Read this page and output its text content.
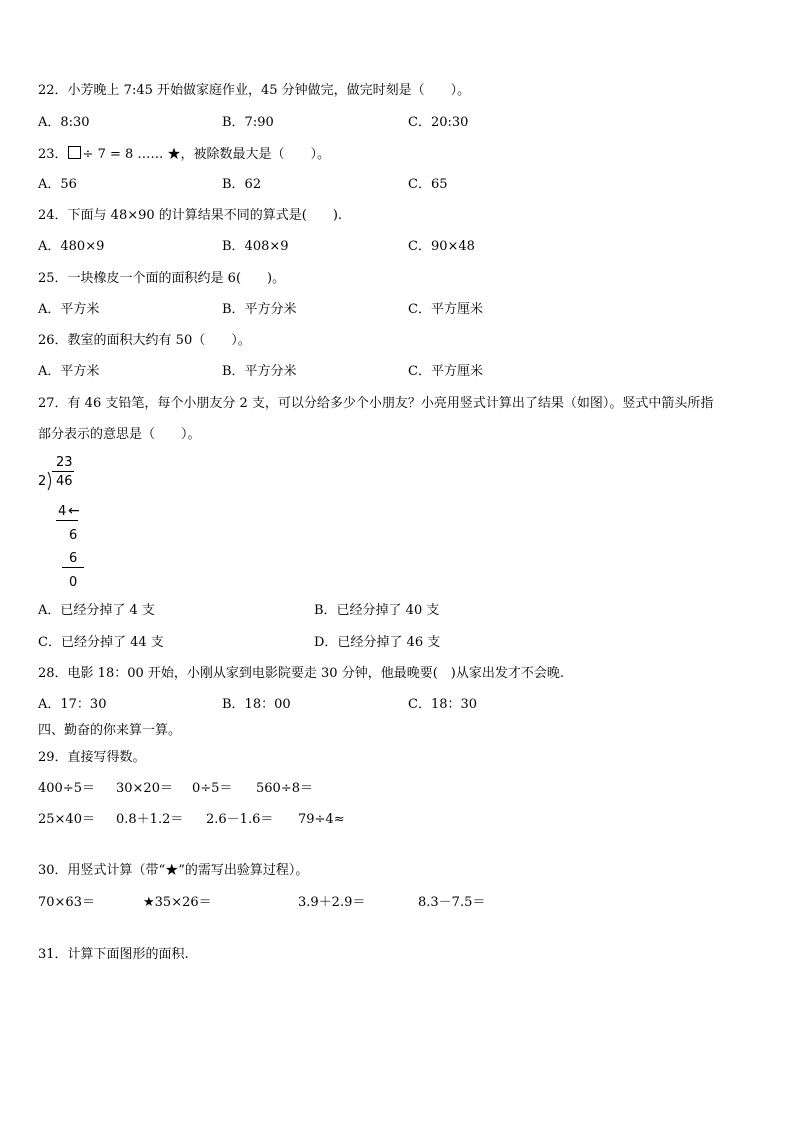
22．小芳晚上 7:45 开始做家庭作业，45 分钟做完，做完时刻是（　　）。
A．8:30	B．7:90	C．20:30
23． ÷ 7 = 8 …… ★，被除数最大是（　　）。
A．56	B．62	C．65
24．下面与 48×90 的计算结果不同的算式是(　　).
A．480×9	B．408×9	C．90×48
25．一块橡皮一个面的面积约是 6(　　)。
A．平方米	B．平方分米	C．平方厘米
26．教室的面积大约有 50（　　）。
A．平方米	B．平方分米	C．平方厘米
27．有 46 支铅笔，每个小朋友分 2 支，可以分给多少个小朋友？小亮用竖式计算出了结果（如图）。竖式中箭头所指
部分表示的意思是（　　）。
23
2 46
4 ←
6
6
0
A．已经分掉了 4 支	B．已经分掉了 40 支
C．已经分掉了 44 支	D．已经分掉了 46 支
28．电影 18：00 开始，小刚从家到电影院要走 30 分钟，他最晚要(　)从家出发才不会晚.
A．17：30	B．18：00	C．18：30
四、勤奋的你来算一算。
29．直接写得数。
400÷5＝ 30×20＝ 0÷5＝ 560÷8＝
25×40＝ 0.8＋1.2＝ 2.6－1.6＝ 79÷4≈
30．用竖式计算（带“★”的需写出验算过程）。
70×63＝	★35×26＝	3.9＋2.9＝	8.3－7.5＝
31．计算下面图形的面积.
